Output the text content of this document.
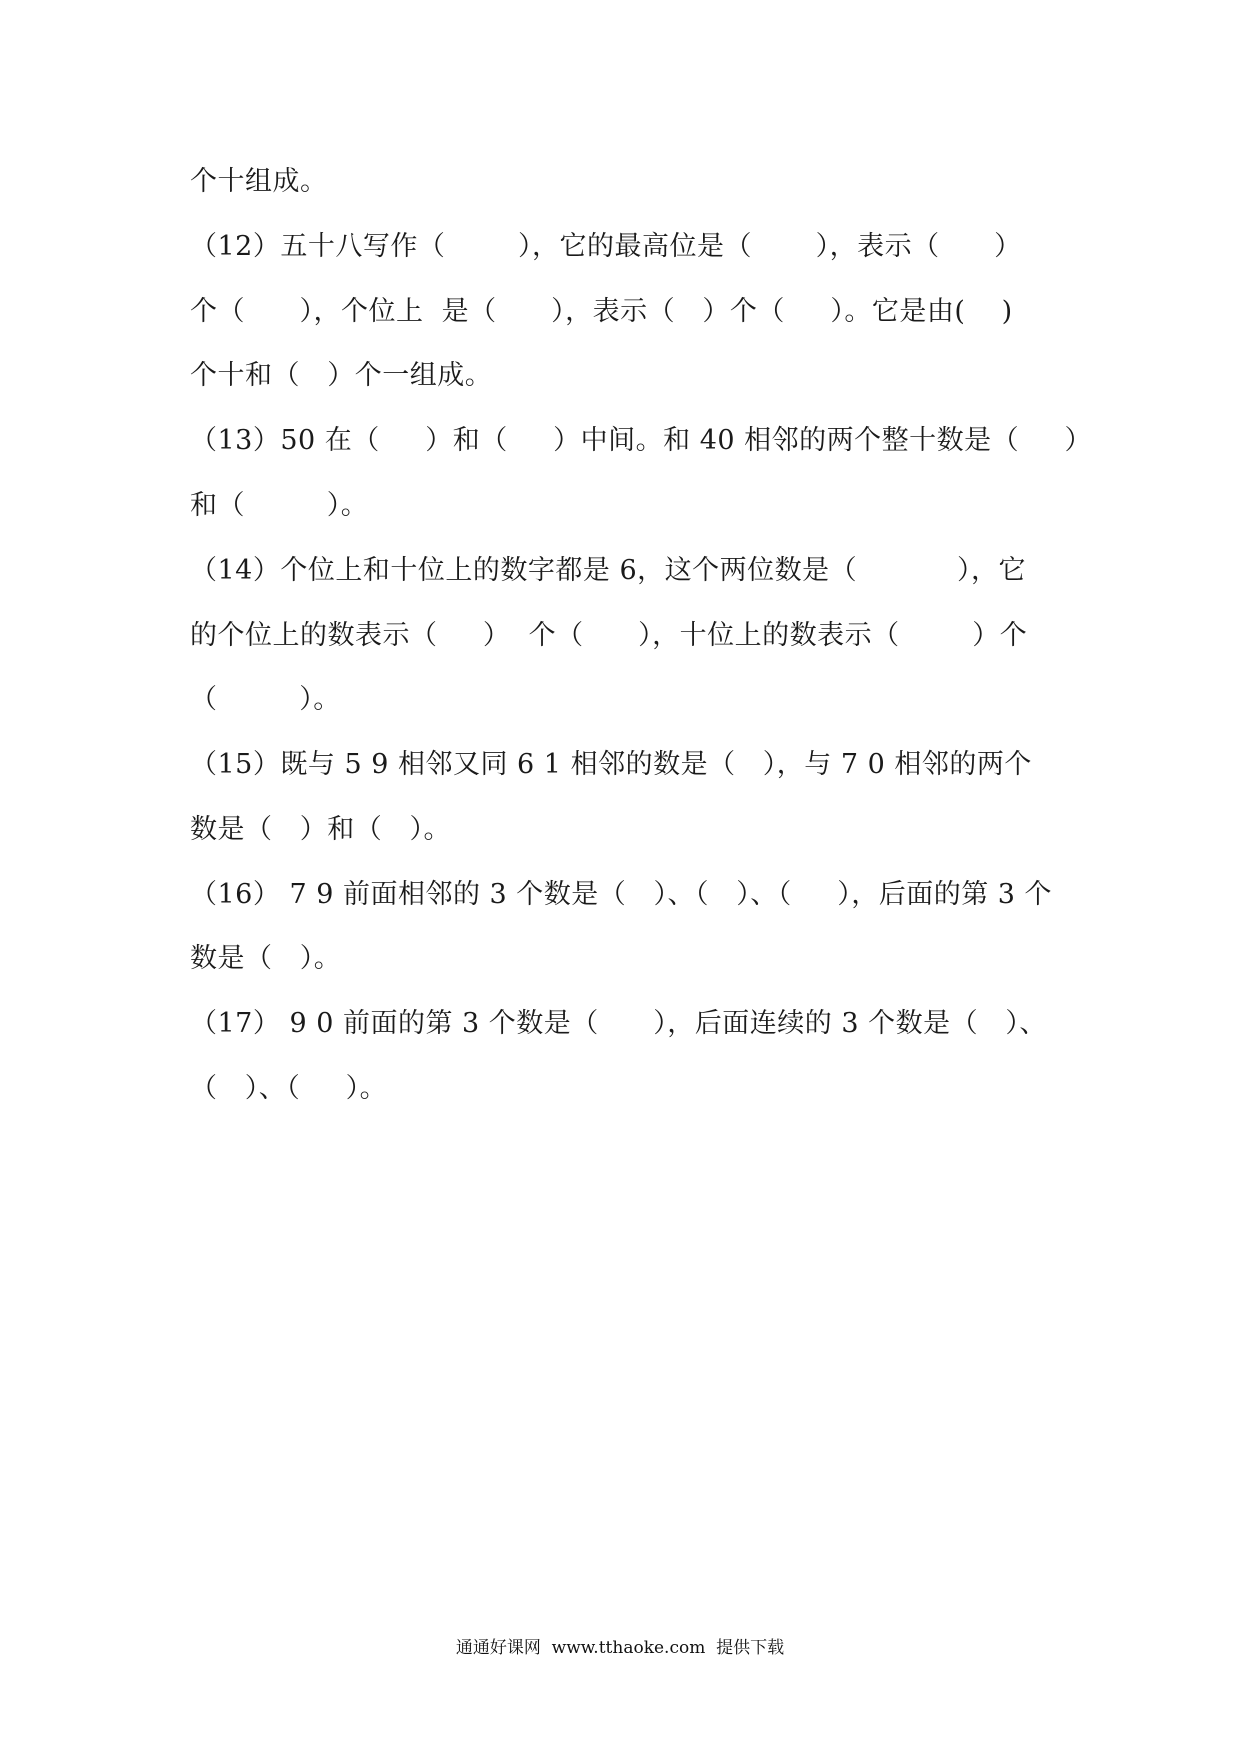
个十组成。
（12）五十八写作（        ），它的最高位是（       ），表示（      ）
个（      ），个位上  是（      ），表示（   ）个（     ）。它是由(    )
个十和（   ）个一组成。
（13）50 在（     ）和（     ）中间。和 40 相邻的两个整十数是（     ）
和（         ）。
（14）个位上和十位上的数字都是 6，这个两位数是（           ），它
的个位上的数表示（     ）  个（      ），十位上的数表示（        ）个
（         ）。
（15）既与 5 9 相邻又同 6 1 相邻的数是（   ），与 7 0 相邻的两个
数是（   ）和（   ）。
（16） 7 9 前面相邻的 3 个数是（   ）、（   ）、（     ），后面的第 3 个
数是（   ）。
（17） 9 0 前面的第 3 个数是（      ），后面连续的 3 个数是（   ）、
（   ）、（     ）。
通通好课网  www.tthaoke.com  提供下载
